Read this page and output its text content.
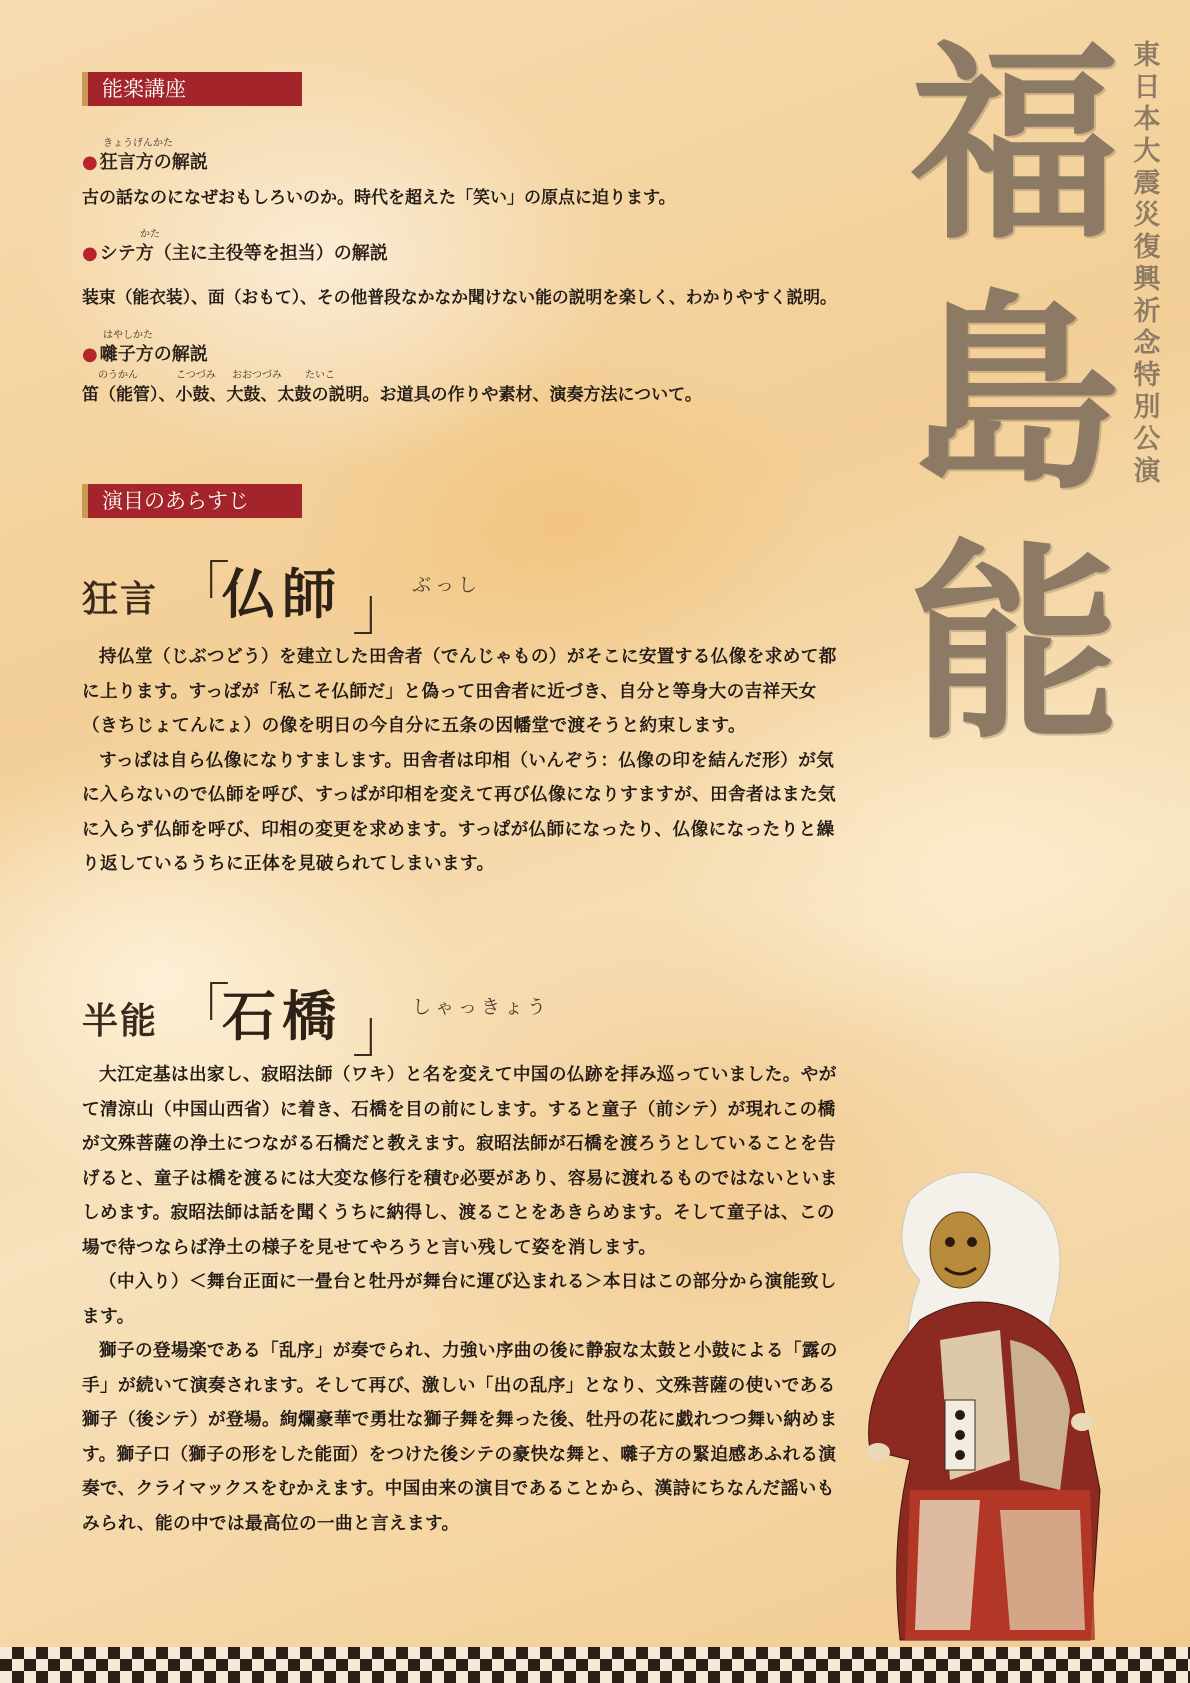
東日本大震災復興祈念特別公演
福
島
能
能楽講座
きょうげんかた
● 狂言方の解説
古の話なのになぜおもしろいのか。時代を超えた「笑い」の原点に迫ります。
かた
● シテ方（主に主役等を担当）の解説
装束（能衣装）、面（おもて）、その他普段なかなか聞けない能の説明を楽しく、わかりやすく説明。
はやしかた
● 囃子方の解説
のうかん	こつづみ おおつづみ たいこ
笛（能管）、小鼓、大鼓、太鼓の説明。お道具の作りや素材、演奏方法について。
演目のあらすじ
狂言 「
仏師 」 ぶっし

持仏堂（じぶつどう）を建立した田舎者（でんじゃもの）がそこに安置する仏像を求めて都に上ります。すっぱが「私こそ仏師だ」と偽って田舎者に近づき、自分と等身大の吉祥天女（きちじょてんにょ）の像を明日の今自分に五条の因幡堂で渡そうと約束します。

すっぱは自ら仏像になりすまします。田舎者は印相（いんぞう：仏像の印を結んだ形）が気に入らないので仏師を呼び、すっぱが印相を変えて再び仏像になりすますが、田舎者はまた気に入らず仏師を呼び、印相の変更を求めます。すっぱが仏師になったり、仏像になったりと繰り返しているうちに正体を見破られてしまいます。

半能 「
石橋 」 しゃっきょう

大江定基は出家し、寂昭法師（ワキ）と名を変えて中国の仏跡を拝み巡っていました。やがて清涼山（中国山西省）に着き、石橋を目の前にします。すると童子（前シテ）が現れこの橋が文殊菩薩の浄土につながる石橋だと教えます。寂昭法師が石橋を渡ろうとしていることを告げると、童子は橋を渡るには大変な修行を積む必要があり、容易に渡れるものではないといましめます。寂昭法師は話を聞くうちに納得し、渡ることをあきらめます。そして童子は、この場で待つならば浄土の様子を見せてやろうと言い残して姿を消します。

（中入り）＜舞台正面に一畳台と牡丹が舞台に運び込まれる＞本日はこの部分から演能致します。

獅子の登場楽である「乱序」が奏でられ、力強い序曲の後に静寂な太鼓と小鼓による「露の手」が続いて演奏されます。そして再び、激しい「出の乱序」となり、文殊菩薩の使いである獅子（後シテ）が登場。絢爛豪華で勇壮な獅子舞を舞った後、牡丹の花に戯れつつ舞い納めます。獅子口（獅子の形をした能面）をつけた後シテの豪快な舞と、囃子方の緊迫感あふれる演奏で、クライマックスをむかえます。中国由来の演目であることから、漢詩にちなんだ謡いもみられ、能の中では最高位の一曲と言えます。
